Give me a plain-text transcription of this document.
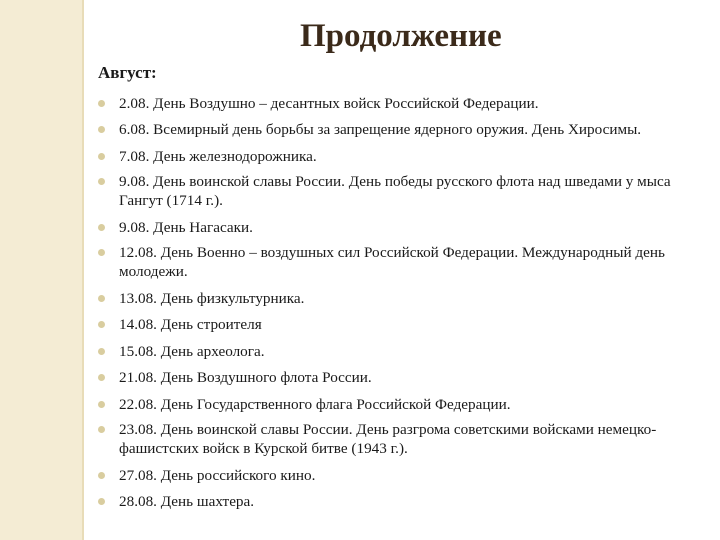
Продолжение
Август:
2.08. День Воздушно – десантных войск Российской Федерации.
6.08. Всемирный день борьбы за запрещение ядерного оружия. День Хиросимы.
7.08. День железнодорожника.
9.08. День воинской славы России. День победы русского флота над шведами у мыса Гангут (1714 г.).
9.08. День Нагасаки.
12.08. День Военно – воздушных сил Российской Федерации. Международный день молодежи.
13.08. День физкультурника.
14.08. День строителя
15.08. День археолога.
21.08. День Воздушного флота России.
22.08. День Государственного флага Российской Федерации.
23.08. День воинской славы России. День разгрома советскими войсками немецко-фашистских войск в Курской битве (1943 г.).
27.08. День российского кино.
28.08. День шахтера.
